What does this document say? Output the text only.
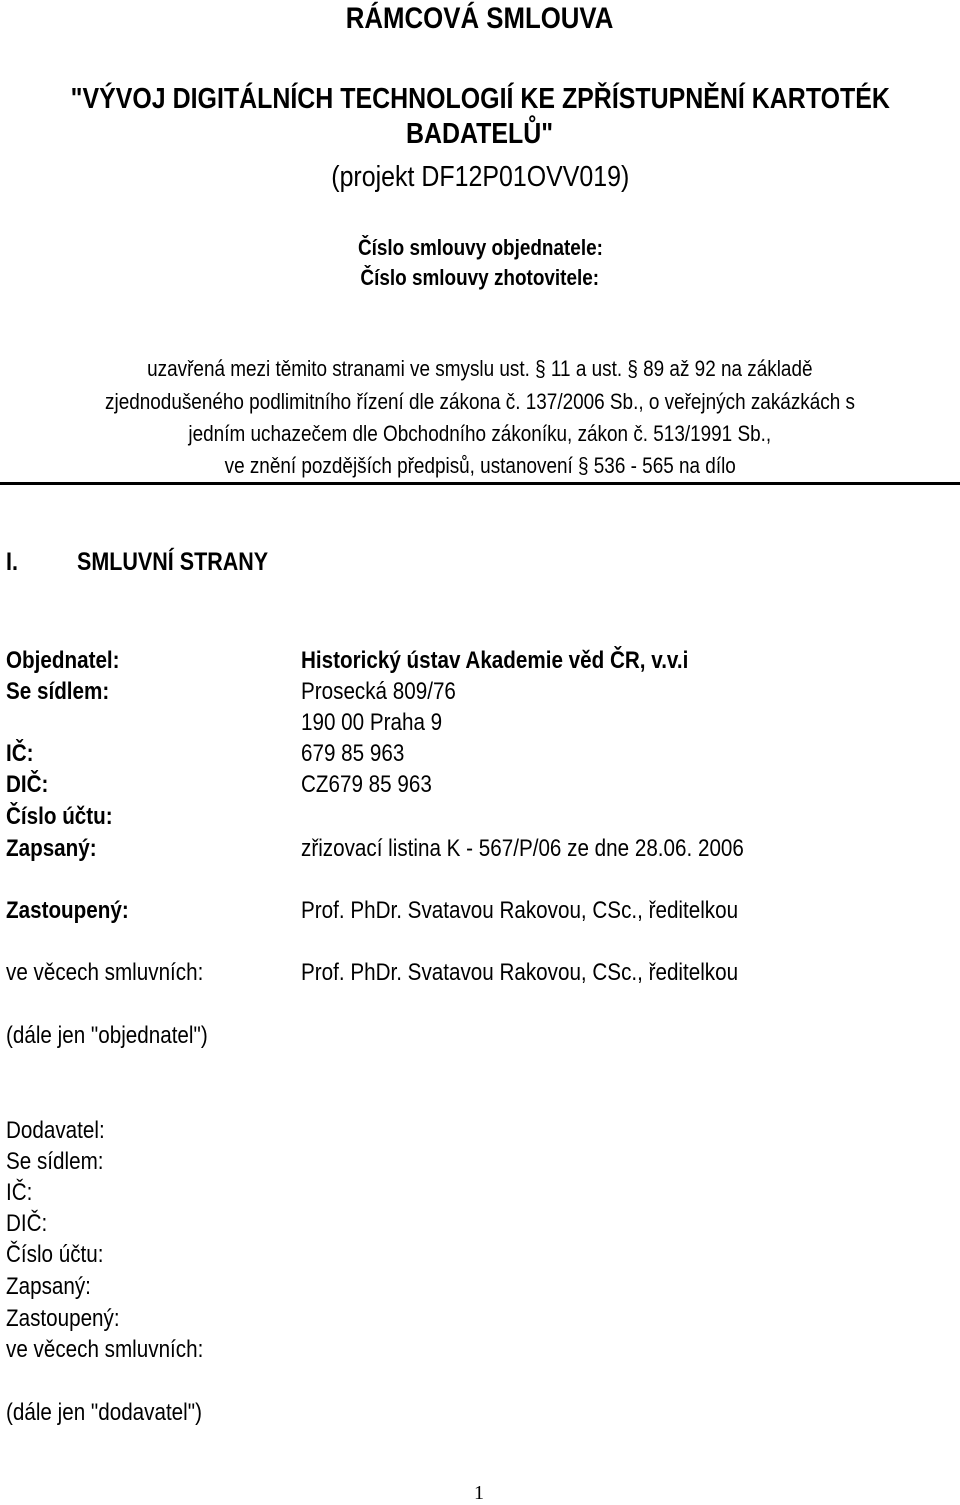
RÁMCOVÁ SMLOUVA
"VÝVOJ DIGITÁLNÍCH TECHNOLOGIÍ KE ZPŘÍSTUPNĚNÍ KARTOTÉK
BADATELŮ"
(projekt DF12P01OVV019)
Číslo smlouvy objednatele:
Číslo smlouvy zhotovitele:
uzavřená mezi těmito stranami ve smyslu ust. § 11 a ust. § 89 až 92 na základě
zjednodušeného podlimitního řízení dle zákona č. 137/2006 Sb., o veřejných zakázkách s
jedním uchazečem dle Obchodního zákoníku, zákon č. 513/1991 Sb.,
ve znění pozdějších předpisů, ustanovení § 536 - 565 na dílo
I. SMLUVNÍ STRANY
Objednatel:	Historický ústav Akademie věd ČR, v.v.i
Se sídlem:	Prosecká 809/76
190 00 Praha 9
IČ:	679 85 963
DIČ:	CZ679 85 963
Číslo účtu:
Zapsaný:	zřizovací listina K - 567/P/06 ze dne 28.06. 2006
Zastoupený:	Prof. PhDr. Svatavou Rakovou, CSc., ředitelkou
ve věcech smluvních:	Prof. PhDr. Svatavou Rakovou, CSc., ředitelkou
(dále jen "objednatel")
Dodavatel:
Se sídlem:
IČ:
DIČ:
Číslo účtu:
Zapsaný:
Zastoupený:
ve věcech smluvních:
(dále jen "dodavatel")
1
